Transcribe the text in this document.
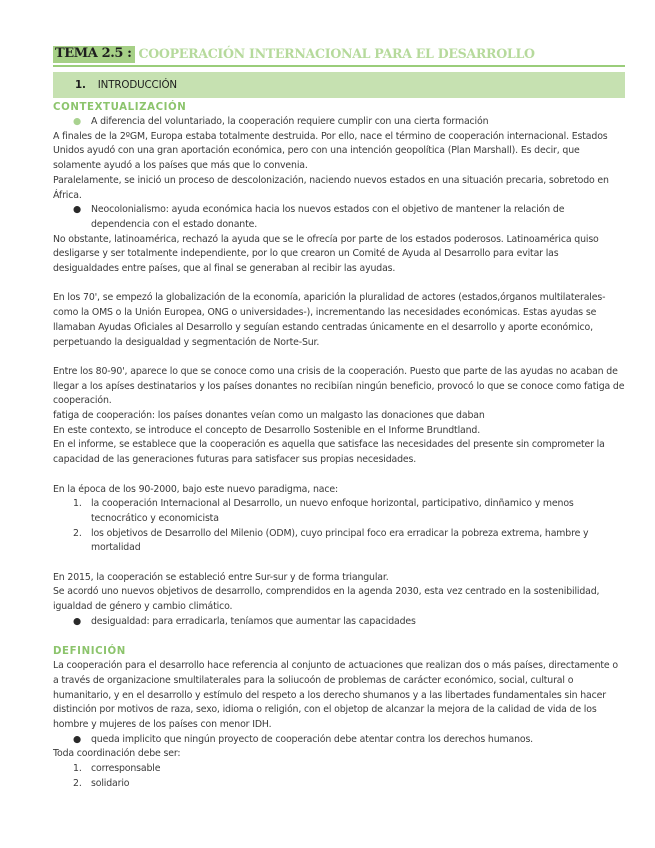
TEMA 2.5 : COOPERACIÓN INTERNACIONAL PARA EL DESARROLLO
1. INTRODUCCIÓN
CONTEXTUALIZACIÓN
● A diferencia del voluntariado, la cooperación requiere cumplir con una cierta formación

A finales de la 2ºGM, Europa estaba totalmente destruida. Por ello, nace el término de cooperación internacional. Estados Unidos ayudó con una gran aportación económica, pero con una intención geopolítica (Plan Marshall). Es decir, que solamente ayudó a los países que más que lo convenia.

Paralelamente, se inició un proceso de descolonización, naciendo nuevos estados en una situación precaria, sobretodo en África.

● Neocolonialismo: ayuda económica hacia los nuevos estados con el objetivo de mantener la relación de dependencia con el estado donante.

No obstante, latinoamérica, rechazó la ayuda que se le ofrecía por parte de los estados poderosos. Latinoamérica quiso desligarse y ser totalmente independiente, por lo que crearon un Comité de Ayuda al Desarrollo para evitar las desigualdades entre países, que al final se generaban al recibir las ayudas.

En los 70', se empezó la globalización de la economía, aparición la pluralidad de actores (estados,órganos multilaterales- como la OMS o la Unión Europea, ONG o universidades-), incrementando las necesidades económicas. Estas ayudas se llamaban Ayudas Oficiales al Desarrollo y seguían estando centradas únicamente en el desarrollo y aporte económico, perpetuando la desigualdad y segmentación de Norte-Sur.

Entre los 80-90', aparece lo que se conoce como una crisis de la cooperación. Puesto que parte de las ayudas no acaban de llegar a los apíses destinatarios y los países donantes no recibiían ningún beneficio, provocó lo que se conoce como fatiga de cooperación.

fatiga de cooperación: los países donantes veían como un malgasto las donaciones que daban

En este contexto, se introduce el concepto de Desarrollo Sostenible en el Informe Brundtland.

En el informe, se establece que la cooperación es aquella que satisface las necesidades del presente sin comprometer la capacidad de las generaciones futuras para satisfacer sus propias necesidades.

En la época de los 90-2000, bajo este nuevo paradigma, nace:

1. la cooperación Internacional al Desarrollo, un nuevo enfoque horizontal, participativo, dinñamico y menos tecnocrático y economicista
2. los objetivos de Desarrollo del Milenio (ODM), cuyo principal foco era erradicar la pobreza extrema, hambre y mortalidad

En 2015, la cooperación se estableció entre Sur-sur y de forma triangular.

Se acordó uno nuevos objetivos de desarrollo, comprendidos en la agenda 2030, esta vez centrado en la sostenibilidad, igualdad de género y cambio climático.

● desigualdad: para erradicarla, teníamos que aumentar las capacidades
DEFINICIÓN

La cooperación para el desarrollo hace referencia al conjunto de actuaciones que realizan dos o más países, directamente o a través de organizacione smultilaterales para la soliucoón de problemas de carácter económico, social, cultural o humanitario, y en el desarrollo y estímulo del respeto a los derecho shumanos y a las libertades fundamentales sin hacer distinción por motivos de raza, sexo, idioma o religión, con el objetop de alcanzar la mejora de la calidad de vida de los hombre y mujeres de los países con menor IDH.

● queda implicito que ningún proyecto de cooperación debe atentar contra los derechos humanos.

Toda coordinación debe ser:

1. corresponsable
2. solidario
